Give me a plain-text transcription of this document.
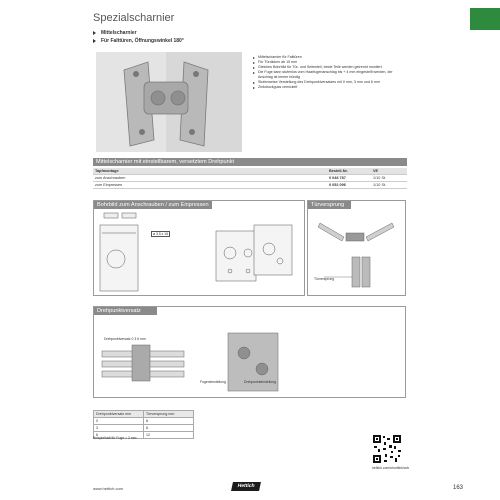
Spezialscharnier
Mittelscharnier
Für Falttüren, Öffnungswinkel 180°
Mittelscharnier für Falttüren
Für Türdicken ab 15 mm
Gleiches Bohrbild für Tür- und Seitenteil, beide Teile werden getrennt montiert
Die Fuge kann stufenlos vom Haarfugenanschlag bis + 4 mm eingestellt werden, der Anschlag ist immer bündig
Stufenweise Verstellung des Drehpunktversatzes mit 0 mm, 3 mm und 6 mm
Zinkdruckguss vernickelt
Mittelscharnier mit einstellbarem, versetztem Drehpunkt
Tapfmontage	Bestell-Nr.	VE
zum Anschrauben	0 048 787	1/10 St.
zum Einpressen	0 052 096	1/10 St.
Bohrbild zum Anschrauben / zum Einpressen
ø 3,5 x 16
Türversprung
Türversprung
Drehpunktversatz
Drehpunktversatz 0 3 6 mm
Fugeneinstellung	Drehpunkteinstellung
Drehpunktversatz mm	Türversprung mm
0	8
3	8
6	12
Beispielhaft für Fuge = 2 mm
hettich.com/shortlink/ccb
www.hettich.com	Hettich	163
